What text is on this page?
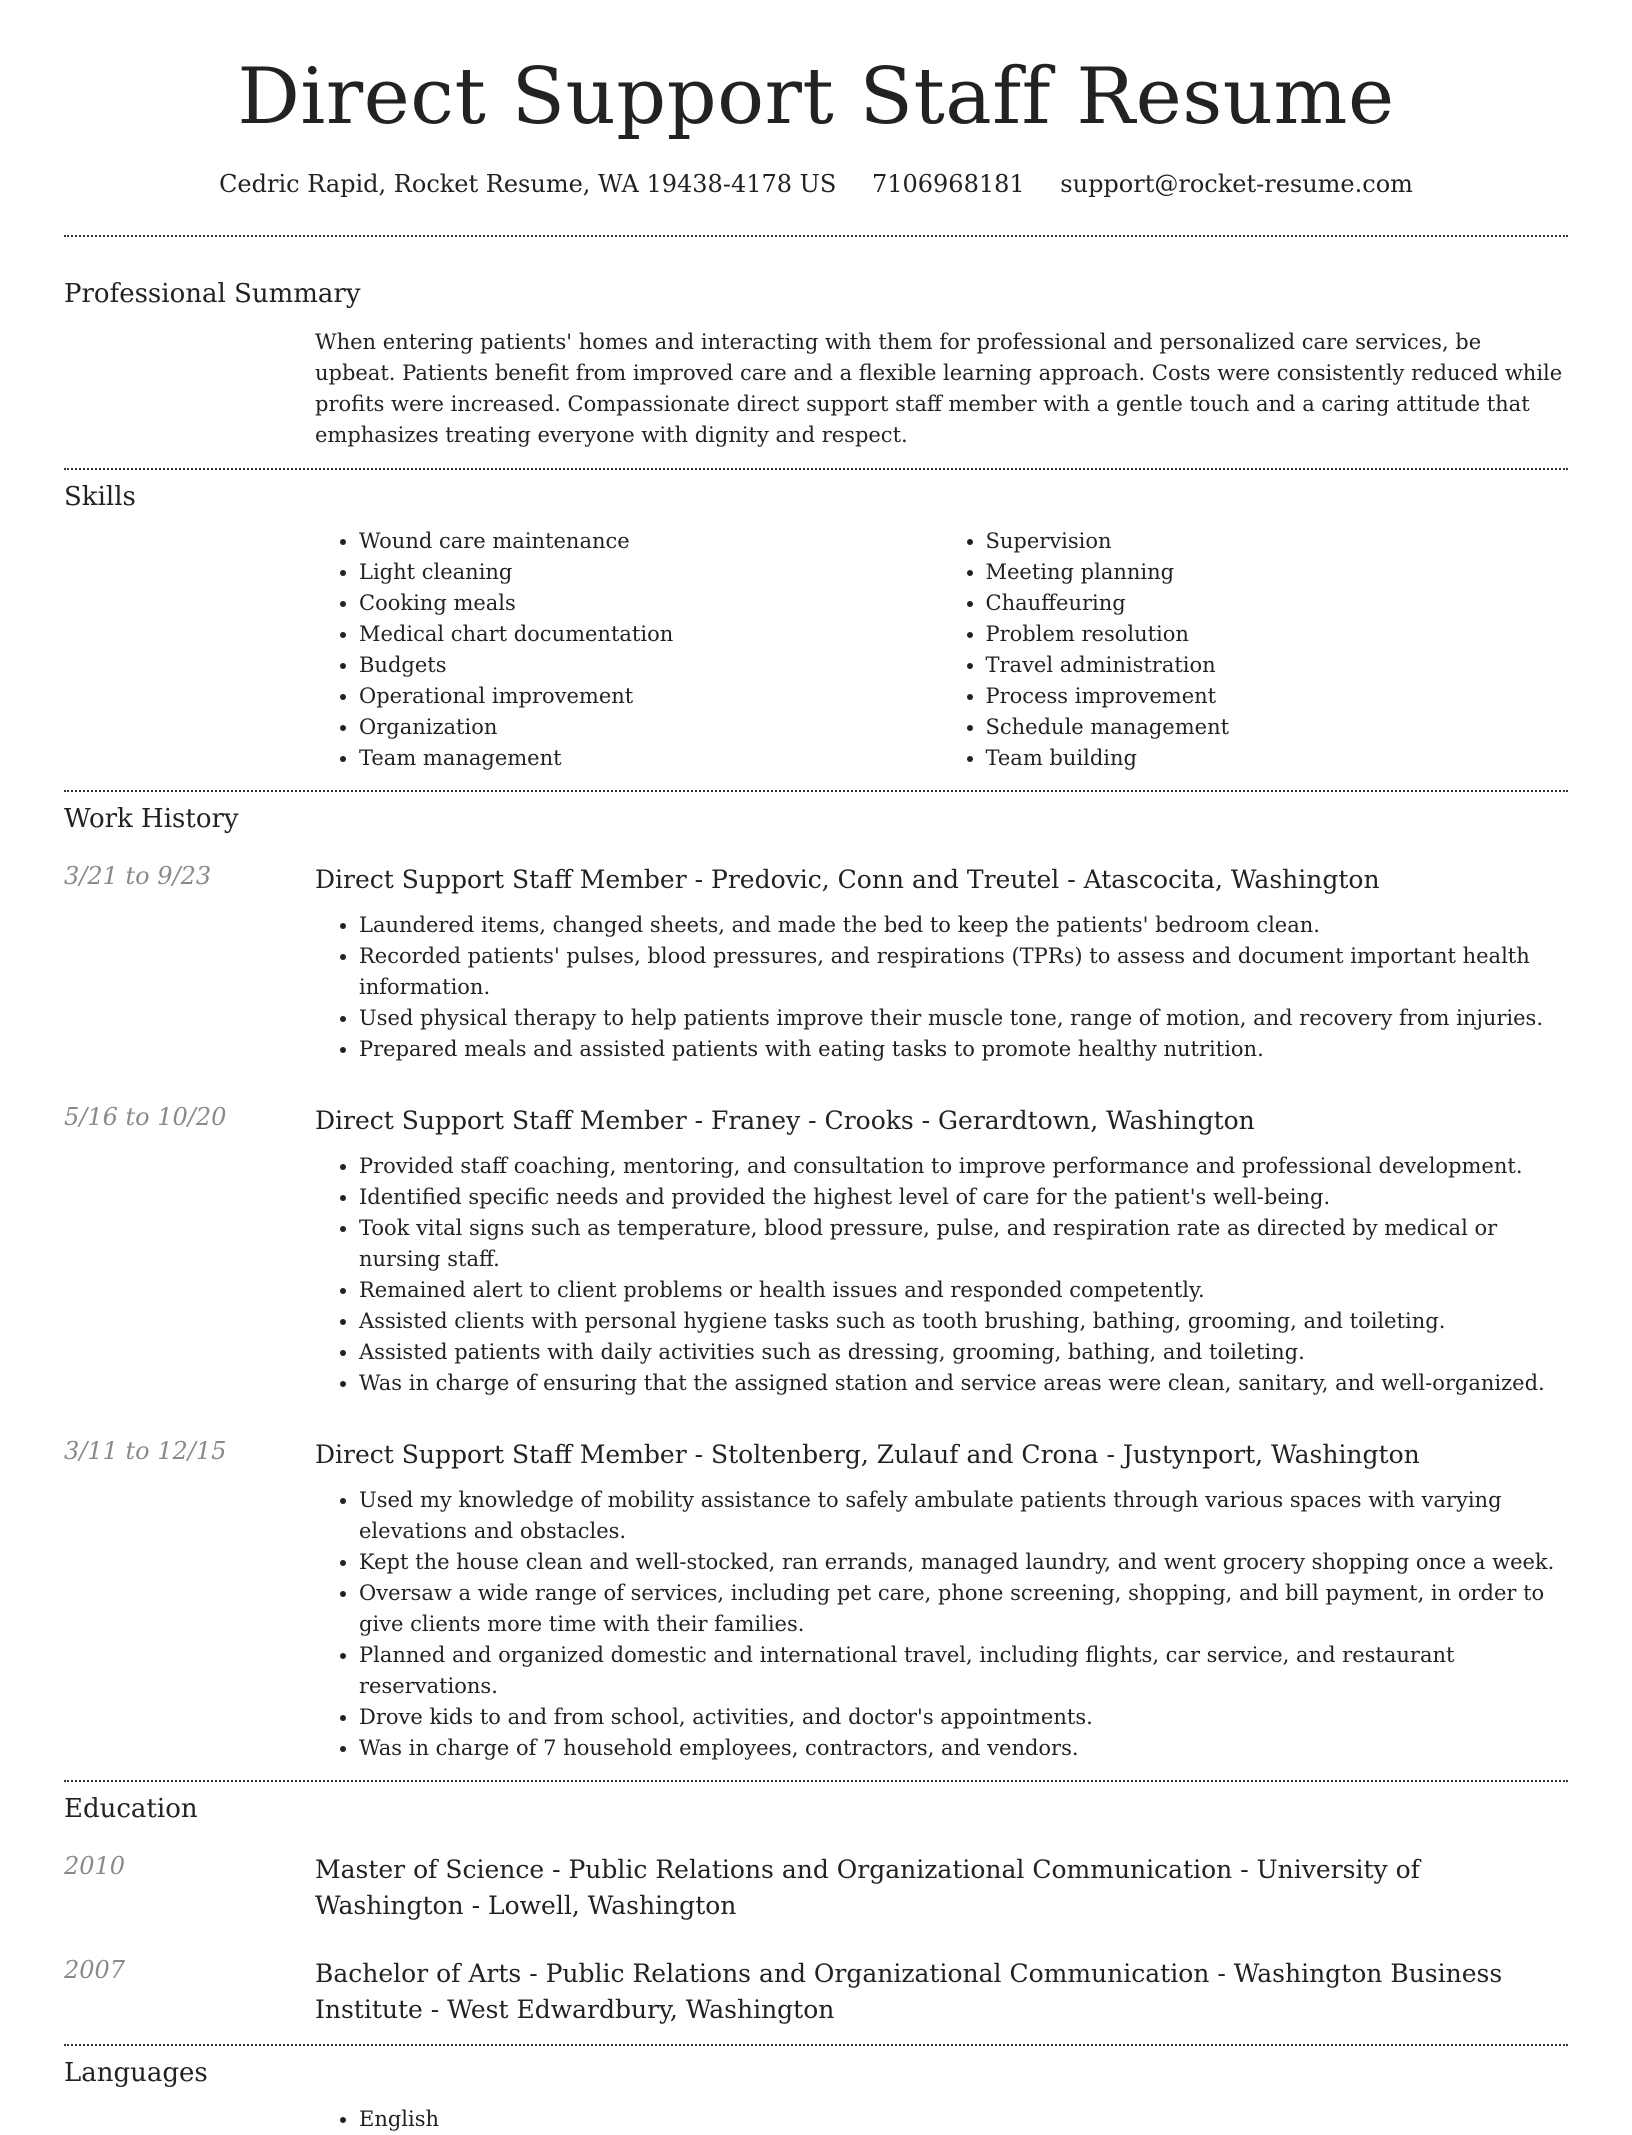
Direct Support Staff Resume
Cedric Rapid, Rocket Resume, WA 19438-4178 US 7106968181 support@rocket-resume.com
Professional Summary

When entering patients' homes and interacting with them for professional and personalized care services, be upbeat. Patients benefit from improved care and a flexible learning approach. Costs were consistently reduced while profits were increased. Compassionate direct support staff member with a gentle touch and a caring attitude that emphasizes treating everyone with dignity and respect.

Skills
• Wound care maintenance
• Light cleaning
• Cooking meals
• Medical chart documentation
• Budgets
• Operational improvement
• Organization
• Team management
• Supervision
• Meeting planning
• Chauffeuring
• Problem resolution
• Travel administration
• Process improvement
• Schedule management
• Team building
Work History
3/21 to 9/23	Direct Support Staff Member - Predovic, Conn and Treutel - Atascocita, Washington
• Laundered items, changed sheets, and made the bed to keep the patients' bedroom clean.
• Recorded patients' pulses, blood pressures, and respirations (TPRs) to assess and document important health information.
• Used physical therapy to help patients improve their muscle tone, range of motion, and recovery from injuries.
• Prepared meals and assisted patients with eating tasks to promote healthy nutrition.
5/16 to 10/20	Direct Support Staff Member - Franey - Crooks - Gerardtown, Washington
• Provided staff coaching, mentoring, and consultation to improve performance and professional development.
• Identified specific needs and provided the highest level of care for the patient's well-being.
• Took vital signs such as temperature, blood pressure, pulse, and respiration rate as directed by medical or nursing staff.
• Remained alert to client problems or health issues and responded competently.
• Assisted clients with personal hygiene tasks such as tooth brushing, bathing, grooming, and toileting.
• Assisted patients with daily activities such as dressing, grooming, bathing, and toileting.
• Was in charge of ensuring that the assigned station and service areas were clean, sanitary, and well-organized.
3/11 to 12/15	Direct Support Staff Member - Stoltenberg, Zulauf and Crona - Justynport, Washington
• Used my knowledge of mobility assistance to safely ambulate patients through various spaces with varying elevations and obstacles.
• Kept the house clean and well-stocked, ran errands, managed laundry, and went grocery shopping once a week.
• Oversaw a wide range of services, including pet care, phone screening, shopping, and bill payment, in order to give clients more time with their families.
• Planned and organized domestic and international travel, including flights, car service, and restaurant reservations.
• Drove kids to and from school, activities, and doctor's appointments.
• Was in charge of 7 household employees, contractors, and vendors.
Education
2010	Master of Science - Public Relations and Organizational Communication - University of Washington - Lowell, Washington
2007	Bachelor of Arts - Public Relations and Organizational Communication - Washington Business Institute - West Edwardbury, Washington
Languages
• English
